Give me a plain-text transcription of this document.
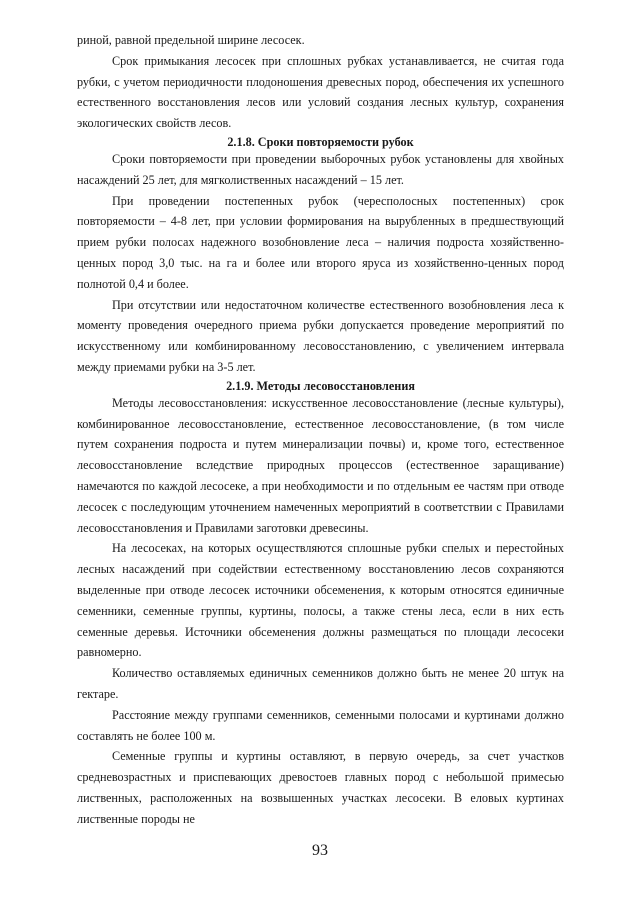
риной, равной предельной ширине лесосек.

Срок примыкания лесосек при сплошных рубках устанавливается, не считая года рубки, с учетом периодичности плодоношения древесных пород, обеспечения их успешного естественного восстановления лесов или условий создания лесных культур, сохранения экологических свойств лесов.

2.1.8. Сроки повторяемости рубок

Сроки повторяемости при проведении выборочных рубок установлены для хвойных насаждений 25 лет, для мягколиственных насаждений – 15 лет.

При проведении постепенных рубок (чересполосных постепенных) срок повторяемости – 4-8 лет, при условии формирования на вырубленных в предшествующий прием рубки полосах надежного возобновление леса – наличия подроста хозяйственно-ценных пород 3,0 тыс. на га и более или второго яруса из хозяйственно-ценных пород полнотой 0,4 и более.

При отсутствии или недостаточном количестве естественного возобновления леса к моменту проведения очередного приема рубки допускается проведение мероприятий по искусственному или комбинированному лесовосстановлению, с увеличением интервала между приемами рубки на 3-5 лет.

2.1.9. Методы лесовосстановления

Методы лесовосстановления: искусственное лесовосстановление (лесные культуры), комбинированное лесовосстановление, естественное лесовосстановление, (в том числе путем сохранения подроста и путем минерализации почвы) и, кроме того, естественное лесовосстановление вследствие природных процессов (естественное заращивание) намечаются по каждой лесосеке, а при необходимости и по отдельным ее частям при отводе лесосек с последующим уточнением намеченных мероприятий в соответствии с Правилами лесовосстановления и Правилами заготовки древесины.

На лесосеках, на которых осуществляются сплошные рубки спелых и перестойных лесных насаждений при содействии естественному восстановлению лесов сохраняются выделенные при отводе лесосек источники обсеменения, к которым относятся единичные семенники, семенные группы, куртины, полосы, а также стены леса, если в них есть семенные деревья. Источники обсеменения должны размещаться по площади лесосеки равномерно.

Количество оставляемых единичных семенников должно быть не менее 20 штук на гектаре.

Расстояние между группами семенников, семенными полосами и куртинами должно составлять не более 100 м.

Семенные группы и куртины оставляют, в первую очередь, за счет участков средневозрастных и приспевающих древостоев главных пород с небольшой примесью лиственных, расположенных на возвышенных участках лесосеки. В еловых куртинах лиственные породы не

93
